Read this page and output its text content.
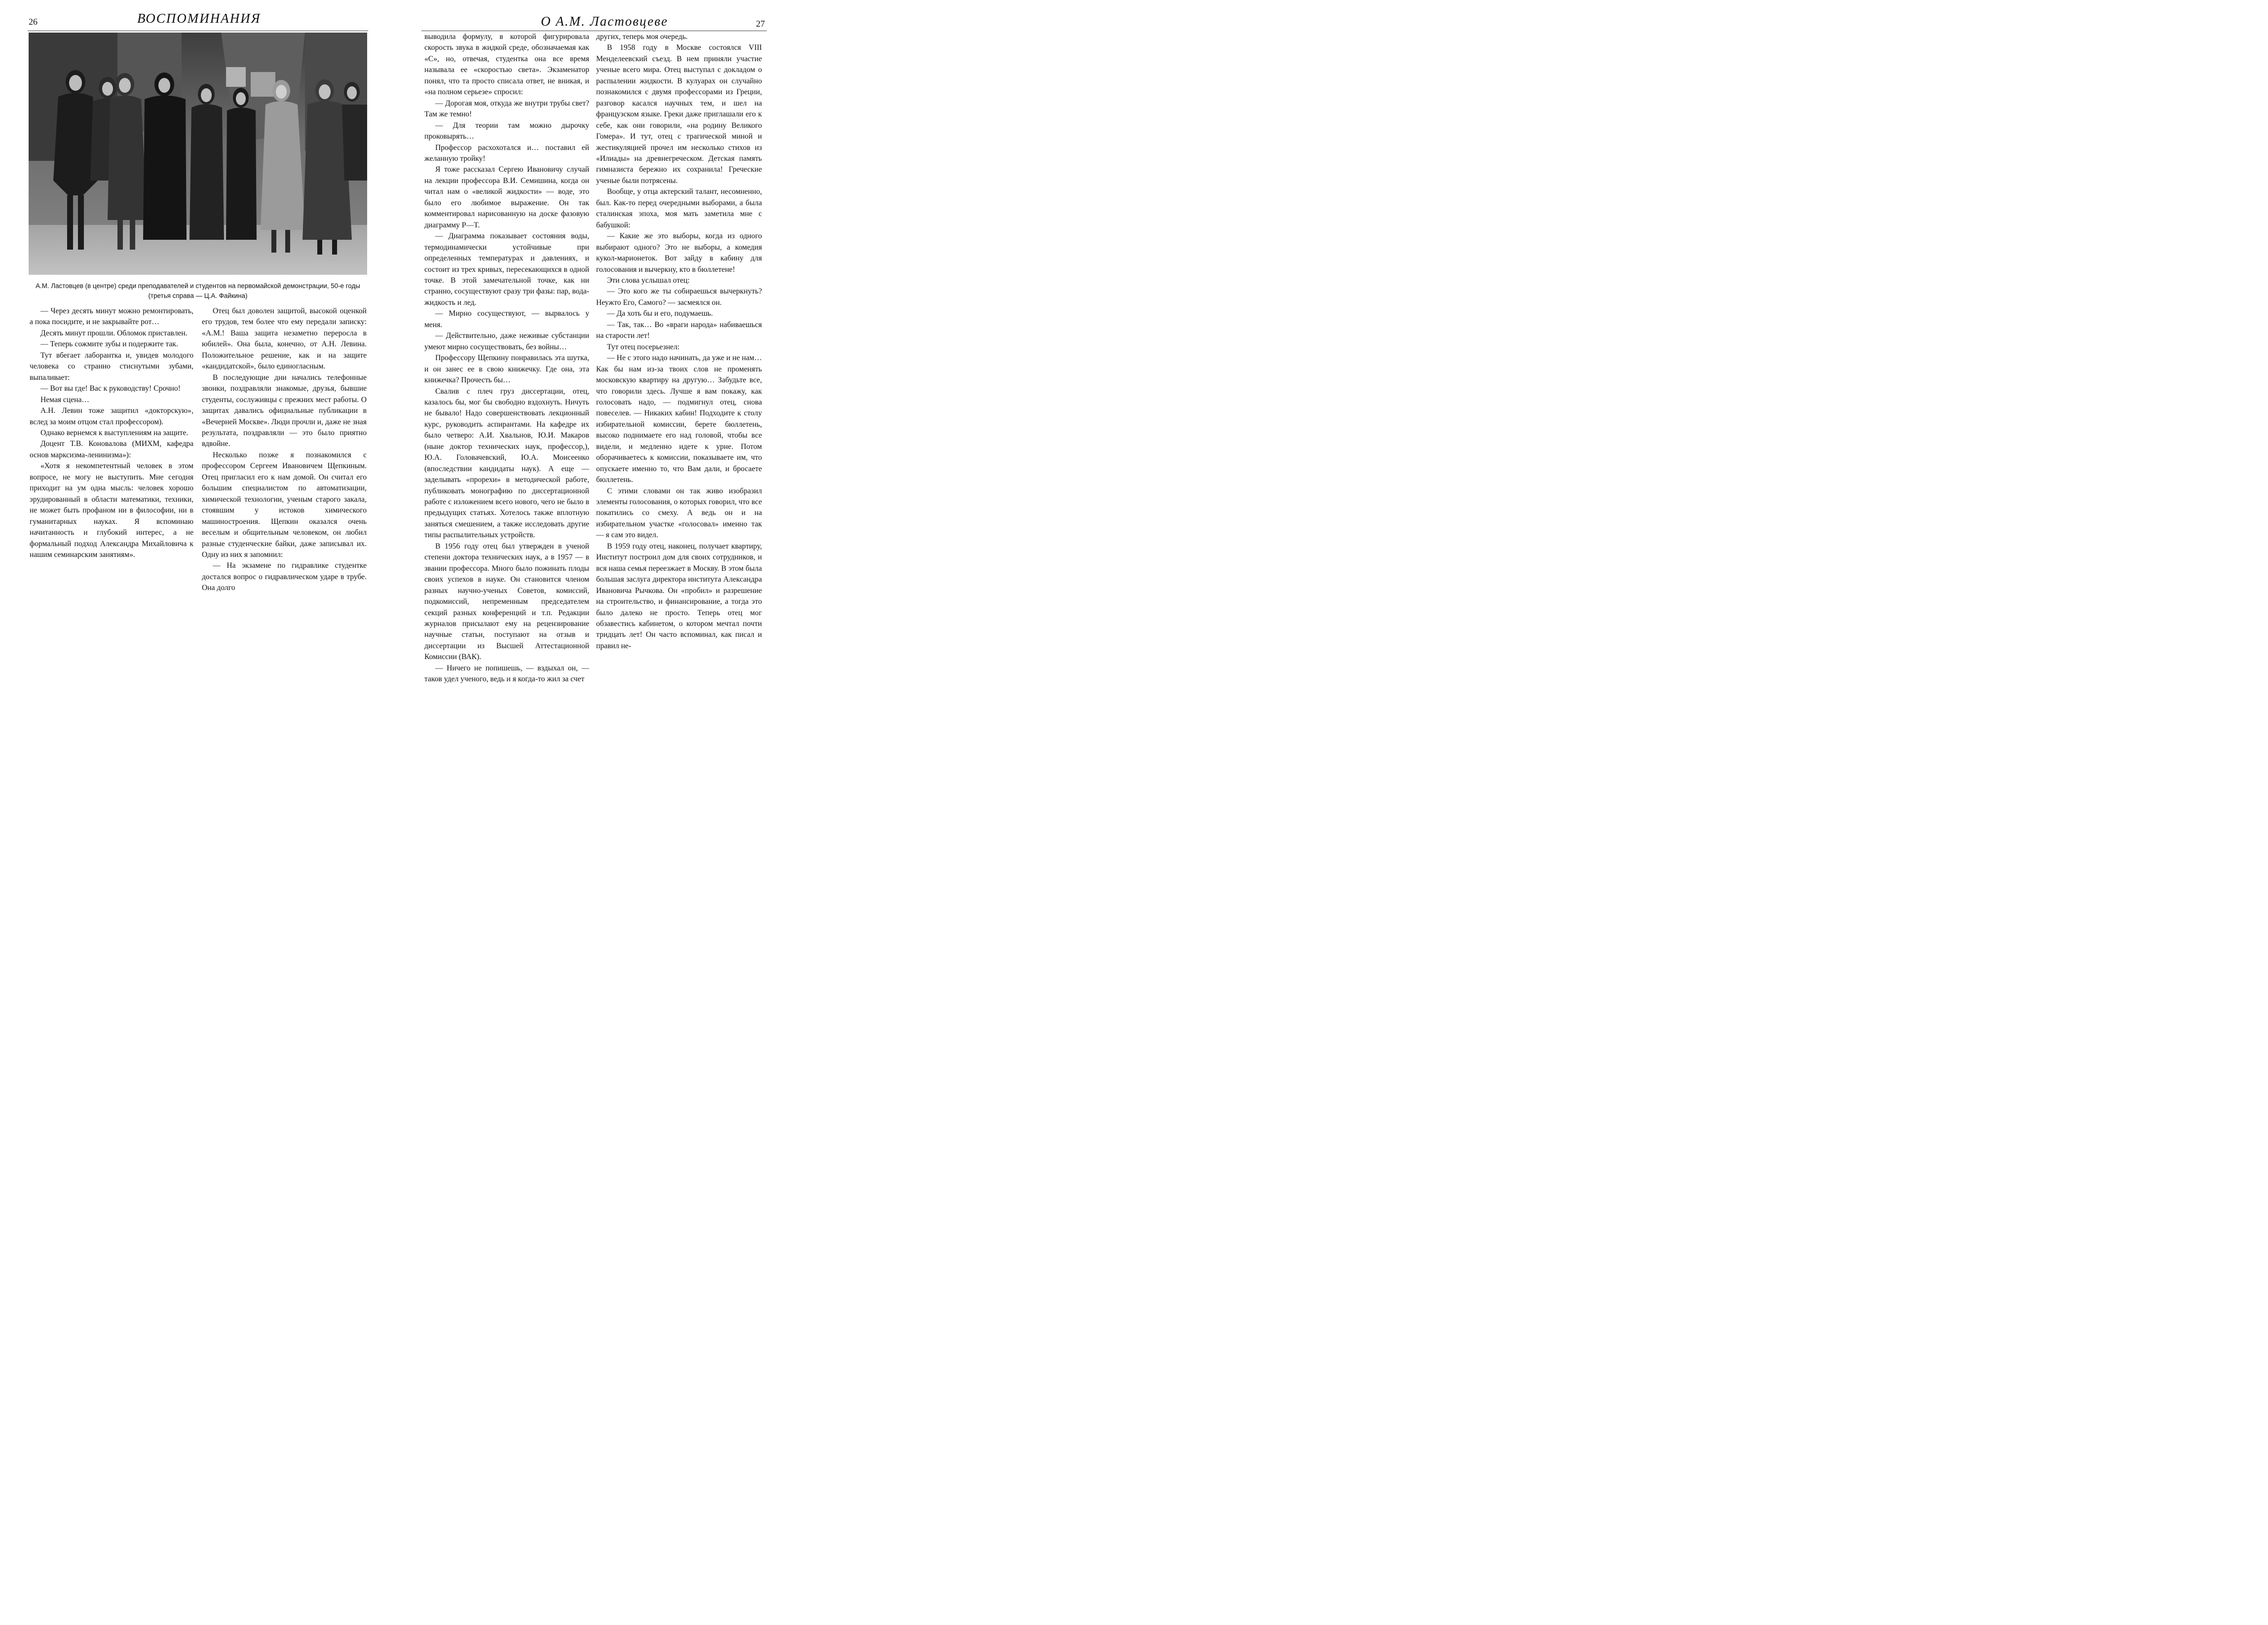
26	ВОСПОМИНАНИЯ
А.М. Ластовцев (в центре) среди преподавателей и студентов на первомайской демонстрации, 50-е годы (третья справа — Ц.А. Файкина)

— Через десять минут можно ремонтировать, а пока посидите, и не закрывайте рот…

Десять минут прошли. Обломок приставлен.

— Теперь сожмите зубы и подержите так.

Тут вбегает лаборантка и, увидев молодого человека со странно стиснутыми зубами, выпаливает:

— Вот вы где! Вас к руководству! Срочно!

Немая сцена…

А.Н. Левин тоже защитил «докторскую», вслед за моим отцом стал профессором).

Однако вернемся к выступлениям на защите.

Доцент Т.В. Коновалова (МИХМ, кафедра основ марксизма-ленинизма»):

«Хотя я некомпетентный человек в этом вопросе, не могу не выступить. Мне сегодня приходит на ум одна мысль: человек хорошо эрудированный в области математики, техники, не может быть профаном ни в философии, ни в гуманитарных науках. Я вспоминаю начитанность и глубокий интерес, а не формальный подход Александра Михайловича к нашим семинарским занятиям».

Отец был доволен защитой, высокой оценкой его трудов, тем более что ему передали записку: «А.М.! Ваша защита незаметно переросла в юбилей». Она была, конечно, от А.Н. Левина. Положительное решение, как и на защите «кандидатской», было единогласным.

В последующие дни начались телефонные звонки, поздравляли знакомые, друзья, бывшие студенты, сослуживцы с прежних мест работы. О защитах давались официальные публикации в «Вечерней Москве». Люди прочли и, даже не зная результата, поздравляли — это было приятно вдвойне.

Несколько позже я познакомился с профессором Сергеем Ивановичем Щепкиным. Отец пригласил его к нам домой. Он считал его большим специалистом по автоматизации, химической технологии, ученым старого закала, стоявшим у истоков химического машиностроения. Щепкин оказался очень веселым и общительным человеком, он любил разные студенческие байки, даже записывал их. Одну из них я запомнил:

— На экзамене по гидравлике студентке достался вопрос о гидравлическом ударе в трубе. Она долго

О А.М. Ластовцеве	27

выводила формулу, в которой фигурировала скорость звука в жидкой среде, обозначаемая как «С», но, отвечая, студентка она все время называла ее «скоростью света». Экзаменатор понял, что та просто списала ответ, не вникая, и «на полном серьезе» спросил:

— Дорогая моя, откуда же внутри трубы свет? Там же темно!

— Для теории там можно дырочку проковырять…

Профессор расхохотался и… поставил ей желанную тройку!

Я тоже рассказал Сергею Ивановичу случай на лекции профессора В.И. Семишина, когда он читал нам о «великой жидкости» — воде, это было его любимое выражение. Он так комментировал нарисованную на доске фазовую диаграмму P—T.

— Диаграмма показывает состояния воды, термодинамически устойчивые при определенных температурах и давлениях, и состоит из трех кривых, пересекающихся в одной точке. В этой замечательной точке, как ни странно, сосуществуют сразу три фазы: пар, вода-жидкость и лед.

— Мирно сосуществуют, — вырвалось у меня.

— Действительно, даже неживые субстанции умеют мирно сосуществовать, без войны…

Профессору Щепкину понравилась эта шутка, и он занес ее в свою книжечку. Где она, эта книжечка? Прочесть бы…

Свалив с плеч груз диссертации, отец, казалось бы, мог бы свободно вздохнуть. Ничуть не бывало! Надо совершенствовать лекционный курс, руководить аспирантами. На кафедре их было четверо: А.И. Хвальнов, Ю.И. Макаров (ныне доктор технических наук, профессор,), Ю.А. Головачевский, Ю.А. Моисеенко (впоследствии кандидаты наук). А еще — заделывать «прорехи» в методической работе, публиковать монографию по диссертационной работе с изложением всего нового, чего не было в предыдущих статьях. Хотелось также вплотную заняться смешением, а также исследовать другие типы распылительных устройств.

В 1956 году отец был утвержден в ученой степени доктора технических наук, а в 1957 — в звании профессора. Много было пожинать плоды своих успехов в науке. Он становится членом разных научно-ученых Советов, комиссий, подкомиссий, непременным председателем секций разных конференций и т.п. Редакции журналов присылают ему на рецензирование научные статьи, поступают на отзыв и диссертации из Высшей Аттестационной Комиссии (ВАК).

— Ничего не попишешь, — вздыхал он, — таков удел ученого, ведь и я когда-то жил за счет

других, теперь моя очередь.

В 1958 году в Москве состоялся VIII Менделеевский съезд. В нем приняли участие ученые всего мира. Отец выступал с докладом о распылении жидкости. В кулуарах он случайно познакомился с двумя профессорами из Греции, разговор касался научных тем, и шел на французском языке. Греки даже приглашали его к себе, как они говорили, «на родину Великого Гомера». И тут, отец с трагической миной и жестикуляцией прочел им несколько стихов из «Илиады» на древнегреческом. Детская память гимназиста бережно их сохранила! Греческие ученые были потрясены.

Вообще, у отца актерский талант, несомненно, был. Как-то перед очередными выборами, а была сталинская эпоха, моя мать заметила мне с бабушкой:

— Какие же это выборы, когда из одного выбирают одного? Это не выборы, а комедия кукол-марионеток. Вот зайду в кабину для голосования и вычеркну, кто в бюллетене!

Эти слова услышал отец:

— Это кого же ты собираешься вычеркнуть? Неужто Его, Самого? — засмеялся он.

— Да хоть бы и его, подумаешь.

— Так, так… Во «враги народа» набиваешься на старости лет!

Тут отец посерьезнел:

— Не с этого надо начинать, да уже и не нам… Как бы нам из-за твоих слов не променять московскую квартиру на другую… Забудьте все, что говорили здесь. Лучше я вам покажу, как голосовать надо, — подмигнул отец, снова повеселев. — Никаких кабин! Подходите к столу избирательной комиссии, берете бюллетень, высоко поднимаете его над головой, чтобы все видели, и медленно идете к урне. Потом оборачиваетесь к комиссии, показываете им, что опускаете именно то, что Вам дали, и бросаете бюллетень.

С этими словами он так живо изобразил элементы голосования, о которых говорил, что все покатились со смеху. А ведь он и на избирательном участке «голосовал» именно так — я сам это видел.

В 1959 году отец, наконец, получает квартиру, Институт построил дом для своих сотрудников, и вся наша семья переезжает в Москву. В этом была большая заслуга директора института Александра Ивановича Рычкова. Он «пробил» и разрешение на строительство, и финансирование, а тогда это было далеко не просто. Теперь отец мог обзавестись кабинетом, о котором мечтал почти тридцать лет! Он часто вспоминал, как писал и правил не-
